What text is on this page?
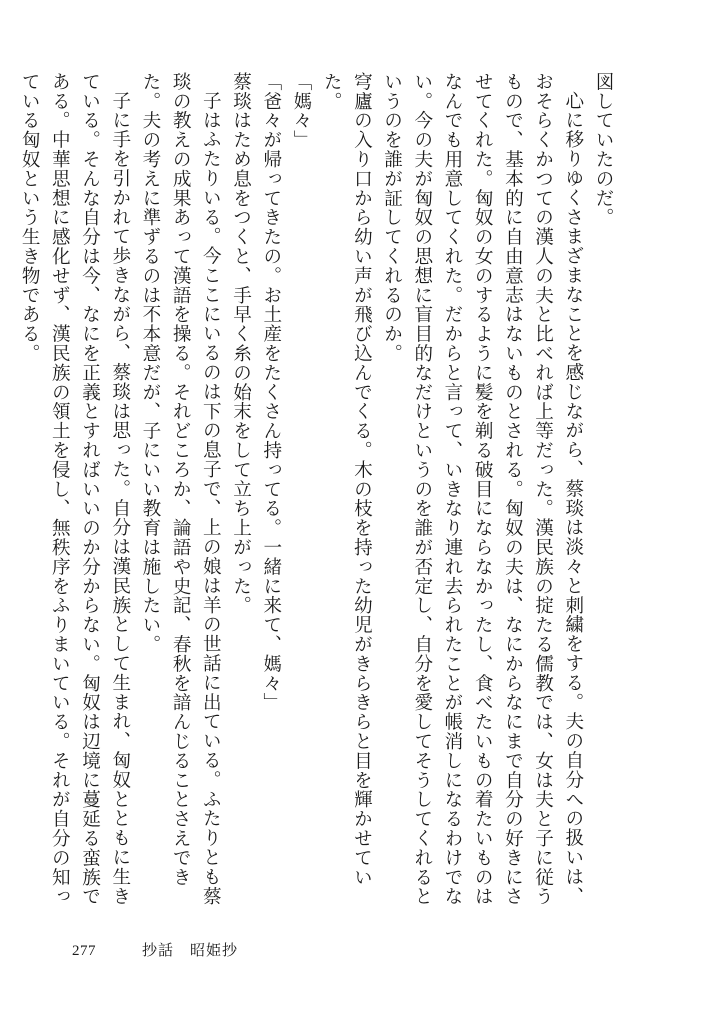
図していたのだ。

心に移りゆくさまざまなことを感じながら、蔡琰は淡々と刺繍をする。夫の自分への扱いは、おそらくかつての漢人の夫と比べれば上等だった。漢民族の掟たる儒教では、女は夫と子に従うもので、基本的に自由意志はないものとされる。匈奴の夫は、なにからなにまで自分の好きにさせてくれた。匈奴の女のするように髪を剃る破目にならなかったし、食べたいもの着たいものはなんでも用意してくれた。だからと言って、いきなり連れ去られたことが帳消しになるわけでない。今の夫が匈奴の思想に盲目的なだけというのを誰が否定し、自分を愛してそうしてくれるというのを誰が証してくれるのか。

穹廬の入り口から幼い声が飛び込んでくる。木の枝を持った幼児がきらきらと目を輝かせていた。

「媽々」

「爸々が帰ってきたの。お土産をたくさん持ってる。一緒に来て、媽々」

蔡琰はため息をつくと、手早く糸の始末をして立ち上がった。

子はふたりいる。今ここにいるのは下の息子で、上の娘は羊の世話に出ている。ふたりとも蔡琰の教えの成果あって漢語を操る。それどころか、論語や史記、春秋を諳んじることさえできた。夫の考えに準ずるのは不本意だが、子にいい教育は施したい。

子に手を引かれて歩きながら、蔡琰は思った。自分は漢民族として生まれ、匈奴とともに生きている。そんな自分は今、なにを正義とすればいいのか分からない。匈奴は辺境に蔓延る蛮族である。中華思想に感化せず、漢民族の領土を侵し、無秩序をふりまいている。それが自分の知っている匈奴という生き物である。

277	抄話 昭姫抄
